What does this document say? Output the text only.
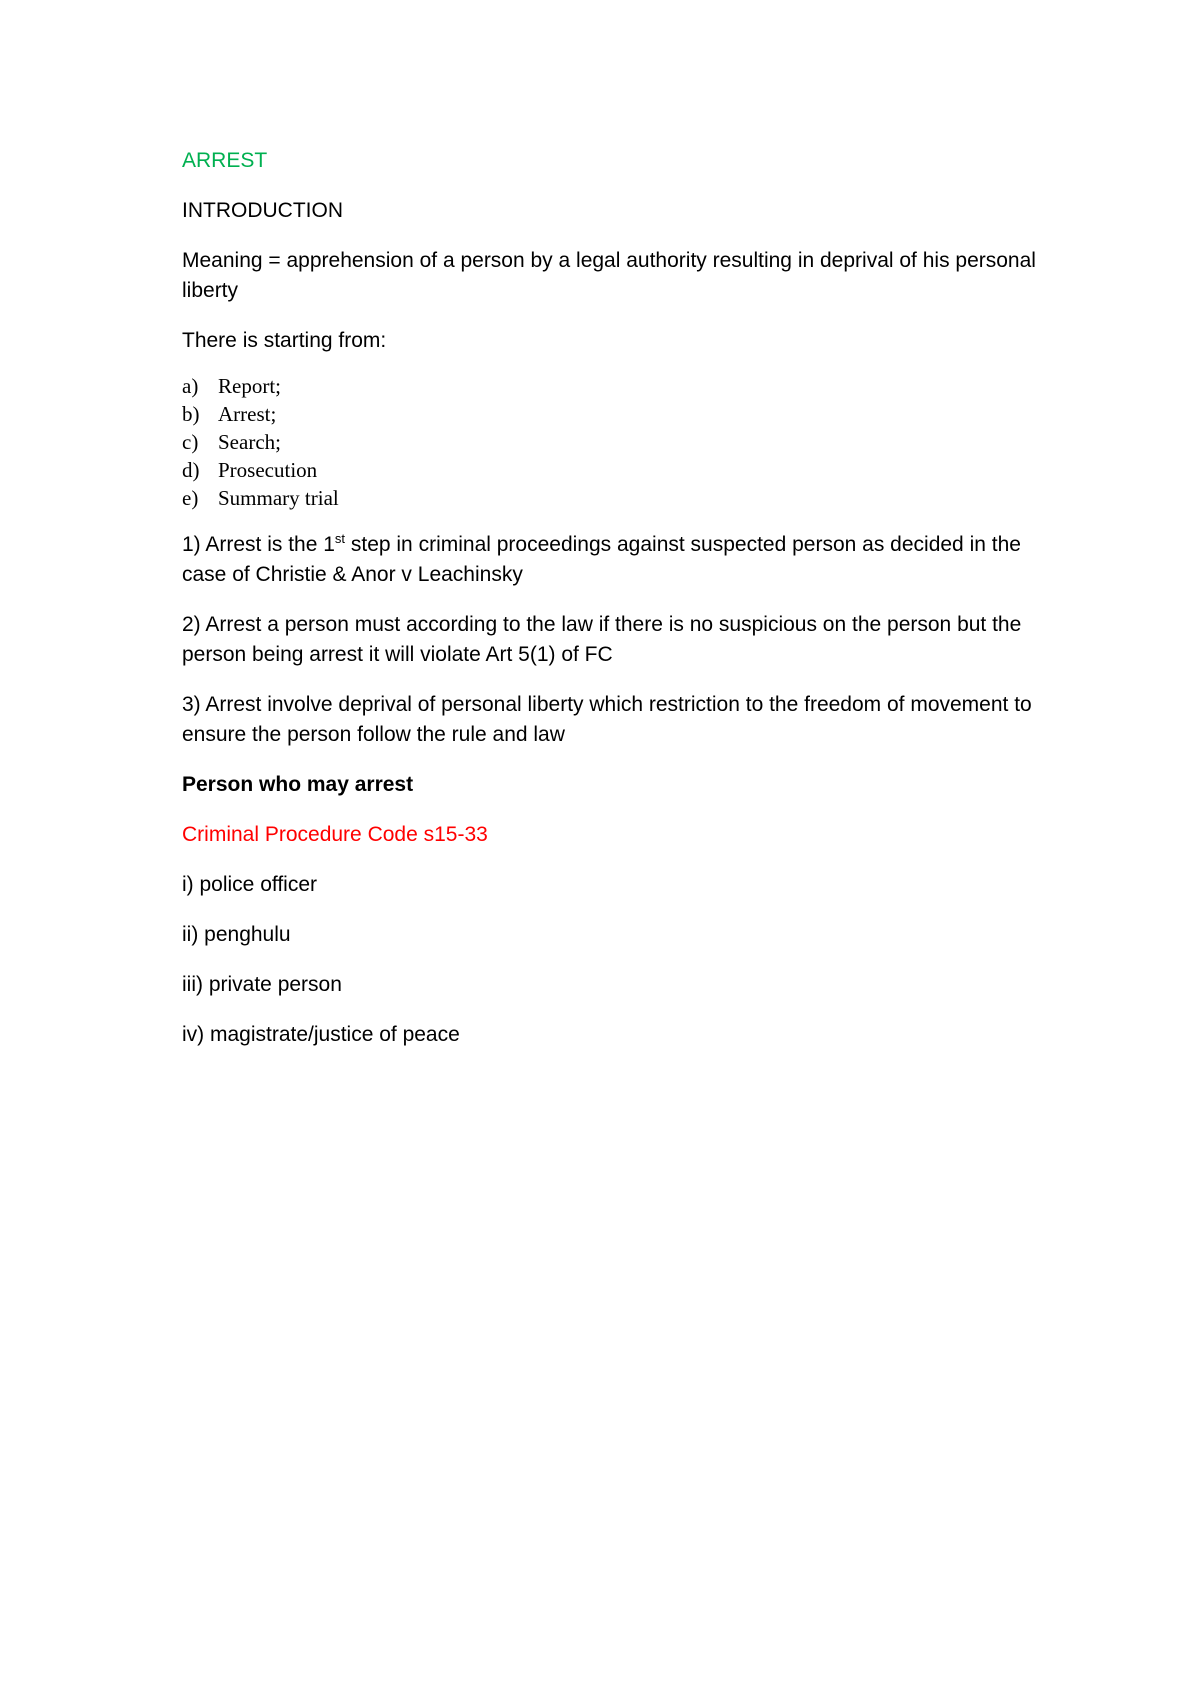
ARREST

INTRODUCTION

Meaning = apprehension of a person by a legal authority resulting in deprival of his personal liberty

There is starting from:

a) Report;
b) Arrest;
c) Search;
d) Prosecution
e) Summary trial

1) Arrest is the 1st step in criminal proceedings against suspected person as decided in the case of Christie & Anor v Leachinsky

2) Arrest a person must according to the law if there is no suspicious on the person but the person being arrest it will violate Art 5(1) of FC

3) Arrest involve deprival of personal liberty which restriction to the freedom of movement to ensure the person follow the rule and law

Person who may arrest

Criminal Procedure Code s15-33

i) police officer

ii) penghulu

iii) private person

iv) magistrate/justice of peace
